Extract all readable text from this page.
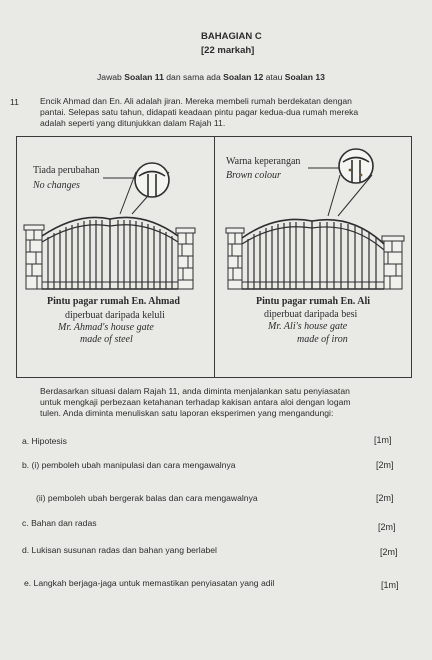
BAHAGIAN C
[22 markah]
Jawab Soalan 11 dan sama ada Soalan 12 atau Soalan 13
11 Encik Ahmad dan En. Ali adalah jiran. Mereka membeli rumah berdekatan dengan
pantai. Selepas satu tahun, didapati keadaan pintu pagar kedua-dua rumah mereka
adalah seperti yang ditunjukkan dalam Rajah 11.
Tiada perubahan
No changes
Pintu pagar rumah En. Ahmad
diperbuat daripada keluli
Mr. Ahmad's house gate
made of steel
Warna keperangan
Brown colour
Pintu pagar rumah En. Ali
diperbuat daripada besi
Mr. Ali's house gate
made of iron
Berdasarkan situasi dalam Rajah 11, anda diminta menjalankan satu penyiasatan
untuk mengkaji perbezaan ketahanan terhadap kakisan antara aloi dengan logam
tulen. Anda diminta menuliskan satu laporan eksperimen yang mengandungi:
a. Hipotesis	[1m]
b. (i) pemboleh ubah manipulasi dan cara mengawalnya	[2m]
(ii) pemboleh ubah bergerak balas dan cara mengawalnya	[2m]
c. Bahan dan radas	[2m]
d. Lukisan susunan radas dan bahan yang berlabel	[2m]
e. Langkah berjaga-jaga untuk memastikan penyiasatan yang adil	[1m]
